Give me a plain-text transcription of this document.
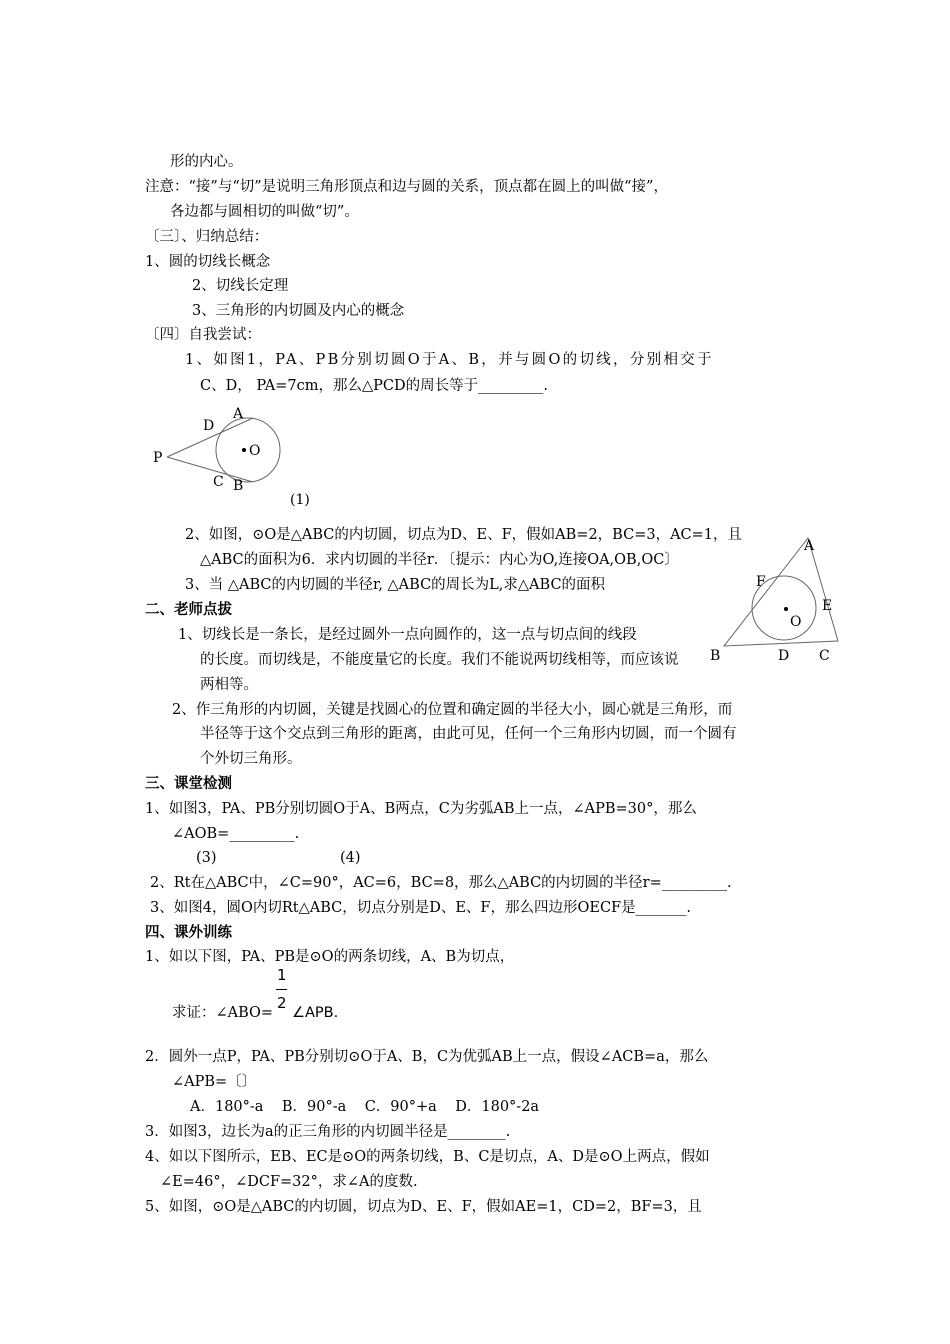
形的内心。
注意：“接”与“切”是说明三角形顶点和边与圆的关系，顶点都在圆上的叫做“接”，
各边都与圆相切的叫做“切”。
〔三〕、归纳总结：
1、圆的切线长概念
2、切线长定理
3、三角形的内切圆及内心的概念
〔四〕自我尝试：
1、如图1，PA、PB分别切圆O于A、B，并与圆O的切线，分别相交于
C、D， PA=7cm，那么△PCD的周长等于_________.
P
D
A
O
C B
(1)
2、如图，⊙O是△ABC的内切圆，切点为D、E、F，假如AB=2，BC=3，AC=1，且
△ABC的面积为6．求内切圆的半径r．〔提示：内心为O,连接OA,OB,OC〕
3、当 △ABC的内切圆的半径r, △ABC的周长为L,求△ABC的面积
A
F
E
O
B	D C
二、老师点拔
1、切线长是一条长，是经过圆外一点向圆作的，这一点与切点间的线段
的长度。而切线是，不能度量它的长度。我们不能说两切线相等，而应该说
两相等。
2、作三角形的内切圆，关键是找圆心的位置和确定圆的半径大小，圆心就是三角形，而
半径等于这个交点到三角形的距离，由此可见，任何一个三角形内切圆，而一个圆有
个外切三角形。
三、课堂检测
1、如图3，PA、PB分别切圆O于A、B两点，C为劣弧AB上一点，∠APB=30°，那么
∠AOB=_________.
(3)	(4)
2、Rt在△ABC中，∠C=90°，AC=6，BC=8，那么△ABC的内切圆的半径r=_________.
3、如图4，圆O内切Rt△ABC，切点分别是D、E、F，那么四边形OECF是_______.
四、课外训练
1、如以下图，PA、PB是⊙O的两条切线，A、B为切点，
求证：∠ABO=
1
2
∠APB.
2．圆外一点P，PA、PB分别切⊙O于A、B，C为优弧AB上一点，假设∠ACB=a，那么
∠APB=〔〕
A．180°-a    B．90°-a    C．90°+a    D．180°-2a
3．如图3，边长为a的正三角形的内切圆半径是________.
4、如以下图所示，EB、EC是⊙O的两条切线，B、C是切点，A、D是⊙O上两点，假如
∠E=46°，∠DCF=32°，求∠A的度数.
5、如图，⊙O是△ABC的内切圆，切点为D、E、F，假如AE=1，CD=2，BF=3，且
